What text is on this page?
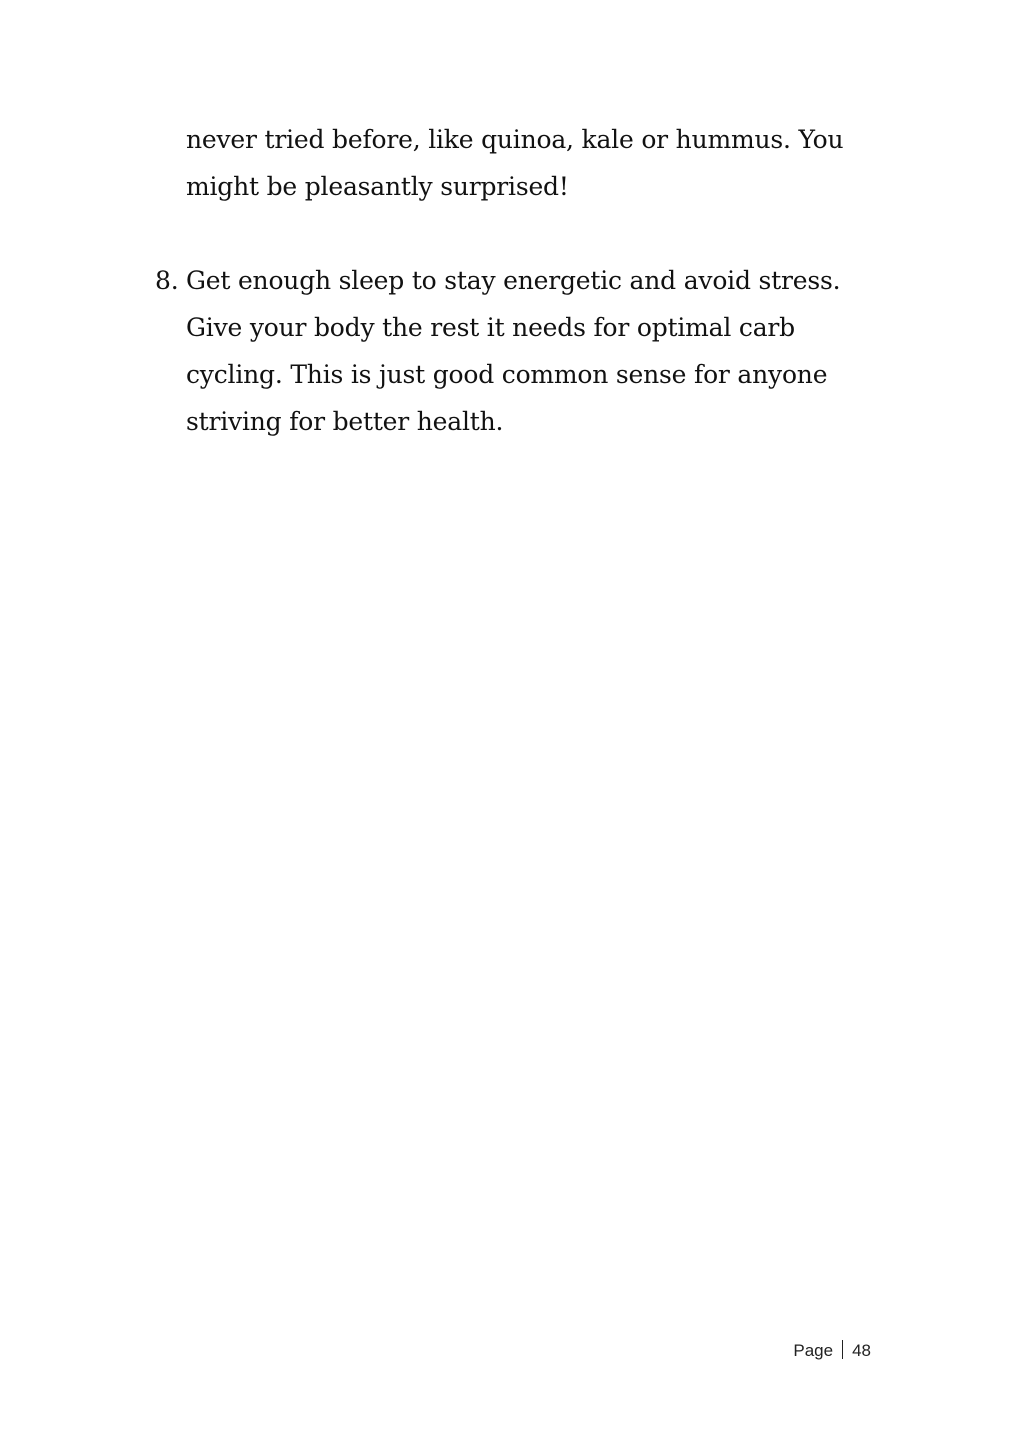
never tried before, like quinoa, kale or hummus. You might be pleasantly surprised!

8. Get enough sleep to stay energetic and avoid stress. Give your body the rest it needs for optimal carb cycling. This is just good common sense for anyone striving for better health.
Page 48
